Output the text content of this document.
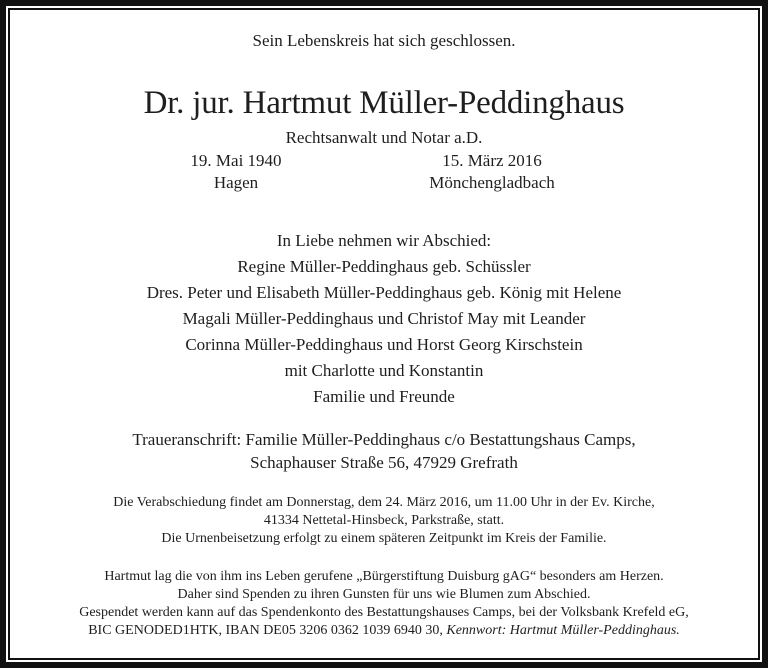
Sein Lebenskreis hat sich geschlossen.
Dr. jur. Hartmut Müller-Peddinghaus
Rechtsanwalt und Notar a.D.
19. Mai 1940
Hagen
15. März 2016
Mönchengladbach
In Liebe nehmen wir Abschied:
Regine Müller-Peddinghaus geb. Schüssler
Dres. Peter und Elisabeth Müller-Peddinghaus geb. König mit Helene
Magali Müller-Peddinghaus und Christof May mit Leander
Corinna Müller-Peddinghaus und Horst Georg Kirschstein
mit Charlotte und Konstantin
Familie und Freunde
Traueranschrift: Familie Müller-Peddinghaus c/o Bestattungshaus Camps,
Schaphauser Straße 56, 47929 Grefrath
Die Verabschiedung findet am Donnerstag, dem 24. März 2016, um 11.00 Uhr in der Ev. Kirche,
41334 Nettetal-Hinsbeck, Parkstraße, statt.
Die Urnenbeisetzung erfolgt zu einem späteren Zeitpunkt im Kreis der Familie.
Hartmut lag die von ihm ins Leben gerufene „Bürgerstiftung Duisburg gAG“ besonders am Herzen.
Daher sind Spenden zu ihren Gunsten für uns wie Blumen zum Abschied.
Gespendet werden kann auf das Spendenkonto des Bestattungshauses Camps, bei der Volksbank Krefeld eG,
BIC GENODED1HTK, IBAN DE05 3206 0362 1039 6940 30, Kennwort: Hartmut Müller-Peddinghaus.
